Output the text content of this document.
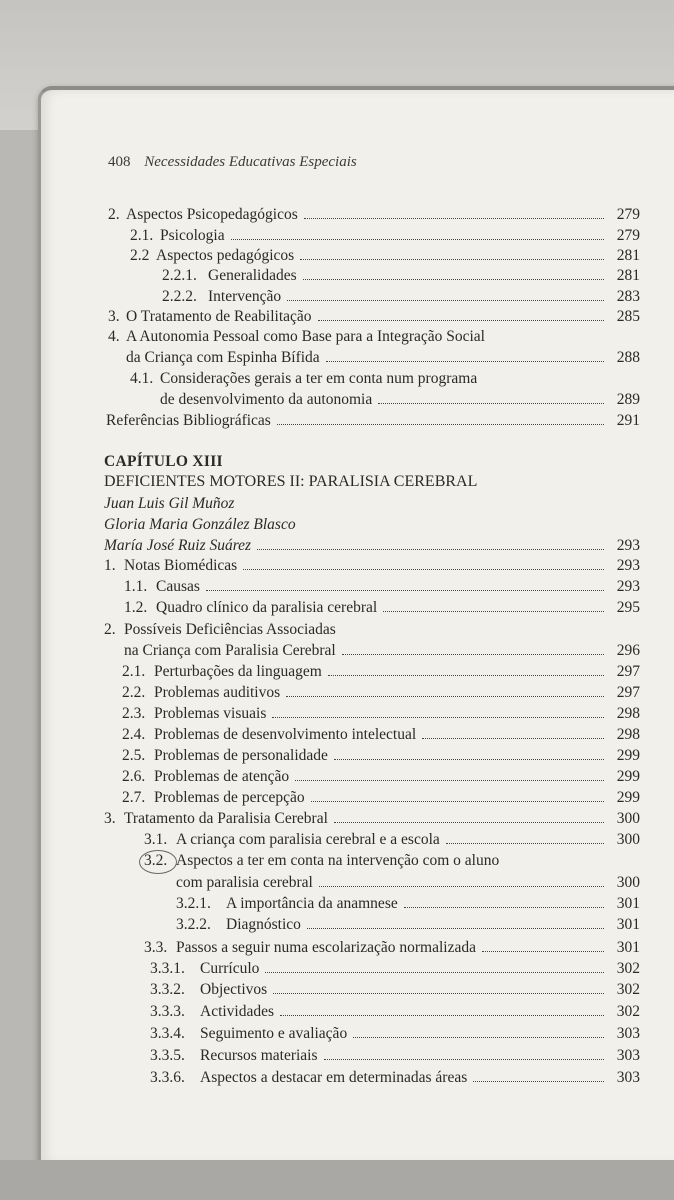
408 Necessidades Educativas Especiais
2. Aspectos Psicopedagógicos	279
2.1. Psicologia	279
2.2 Aspectos pedagógicos	281
2.2.1. Generalidades	281
2.2.2. Intervenção	283
3. O Tratamento de Reabilitação	285
4. A Autonomia Pessoal como Base para a Integração Social
da Criança com Espinha Bífida	288
4.1. Considerações gerais a ter em conta num programa
de desenvolvimento da autonomia	289
Referências Bibliográficas	291
CAPÍTULO XIII
DEFICIENTES MOTORES II: PARALISIA CEREBRAL
Juan Luis Gil Muñoz
Gloria Maria González Blasco
María José Ruiz Suárez	293
1. Notas Biomédicas	293
1.1. Causas	293
1.2. Quadro clínico da paralisia cerebral	295
2. Possíveis Deficiências Associadas
na Criança com Paralisia Cerebral	296
2.1. Perturbações da linguagem	297
2.2. Problemas auditivos	297
2.3. Problemas visuais	298
2.4. Problemas de desenvolvimento intelectual	298
2.5. Problemas de personalidade	299
2.6. Problemas de atenção	299
2.7. Problemas de percepção	299
3. Tratamento da Paralisia Cerebral	300
3.1. A criança com paralisia cerebral e a escola	300
3.2. Aspectos a ter em conta na intervenção com o aluno
com paralisia cerebral	300
3.2.1. A importância da anamnese	301
3.2.2. Diagnóstico	301
3.3. Passos a seguir numa escolarização normalizada	301
3.3.1. Currículo	302
3.3.2. Objectivos	302
3.3.3. Actividades	302
3.3.4. Seguimento e avaliação	303
3.3.5. Recursos materiais	303
3.3.6. Aspectos a destacar em determinadas áreas	303
